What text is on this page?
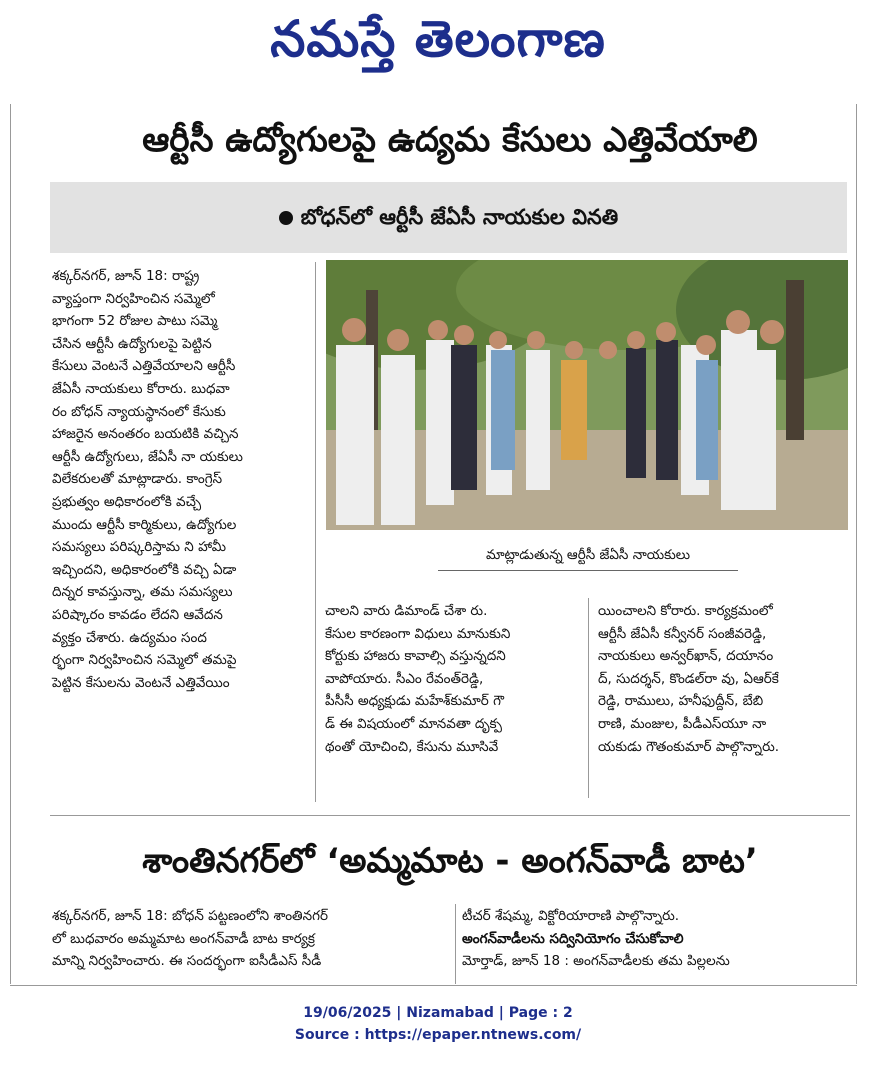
నమస్తే తెలంగాణ
ఆర్టీసీ ఉద్యోగులపై ఉద్యమ కేసులు ఎత్తివేయాలి
బోధన్‌లో ఆర్టీసీ జేఏసీ నాయకుల వినతి

శక్కర్‌నగర్, జూన్ 18: రాష్ట్ర

వ్యాప్తంగా నిర్వహించిన సమ్మెలో

భాగంగా 52 రోజుల పాటు సమ్మె

చేసిన ఆర్టీసీ ఉద్యోగులపై పెట్టిన

కేసులు వెంటనే ఎత్తివేయాలని ఆర్టీసీ

జేఏసీ నాయకులు కోరారు. బుధవా

రం బోధన్ న్యాయస్థానంలో కేసుకు

హాజరైన అనంతరం బయటికి వచ్చిన

ఆర్టీసీ ఉద్యోగులు, జేఏసీ నా యకులు

విలేకరులతో మాట్లాడారు. కాంగ్రెస్

ప్రభుత్వం అధికారంలోకి వచ్చే

ముందు ఆర్టీసీ కార్మికులు, ఉద్యోగుల

సమస్యలు పరిష్కరిస్తామ ని హామీ

ఇచ్చిందని, అధికారంలోకి వచ్చి ఏడా

దిన్నర కావస్తున్నా, తమ సమస్యలు

పరిష్కారం కావడం లేదని ఆవేదన

వ్యక్తం చేశారు. ఉద్యమం సంద

ర్భంగా నిర్వహించిన సమ్మెలో తమపై

పెట్టిన కేసులను వెంటనే ఎత్తివేయిం

మాట్లాడుతున్న ఆర్టీసీ జేఏసీ నాయకులు

చాలని వారు డిమాండ్ చేశా రు.

కేసుల కారణంగా విధులు మానుకుని

కోర్టుకు హాజరు కావాల్సి వస్తున్నదని

వాపోయారు. సీఎం రేవంత్‌రెడ్డి,

పీసీసీ అధ్యక్షుడు మహేశ్‌కుమార్ గౌ

డ్ ఈ విషయంలో మానవతా దృక్ప

థంతో యోచించి, కేసును మూసివే

యించాలని కోరారు. కార్యక్రమంలో

ఆర్టీసీ జేఏసీ కన్వీనర్ సంజీవరెడ్డి,

నాయకులు అన్వర్‌ఖాన్, దయానం

ద్, సుదర్శన్, కొండల్‌రా వు, ఏఆర్‌కే

రెడ్డి, రాములు, హనీఫుద్దీన్, బేబి

రాణి, మంజుల, పీడీఎస్‌యూ నా

యకుడు గౌతంకుమార్ పాల్గొన్నారు.

శాంతినగర్‌లో ‘అమ్మమాట - అంగన్‌వాడీ బాట’

శక్కర్‌నగర్, జూన్ 18: బోధన్ పట్టణంలోని శాంతినగర్

లో బుధవారం అమ్మమాట అంగన్‌వాడీ బాట కార్యక్ర

మాన్ని నిర్వహించారు. ఈ సందర్భంగా ఐసీడీఎస్ సీడీ

టీచర్ శేషమ్మ, విక్టోరియారాణి పాల్గొన్నారు.

అంగన్‌వాడీలను సద్వినియోగం చేసుకోవాలి

మోర్తాడ్, జూన్ 18 : అంగన్‌వాడీలకు తమ పిల్లలను

19/06/2025 | Nizamabad | Page : 2
Source : https://epaper.ntnews.com/
